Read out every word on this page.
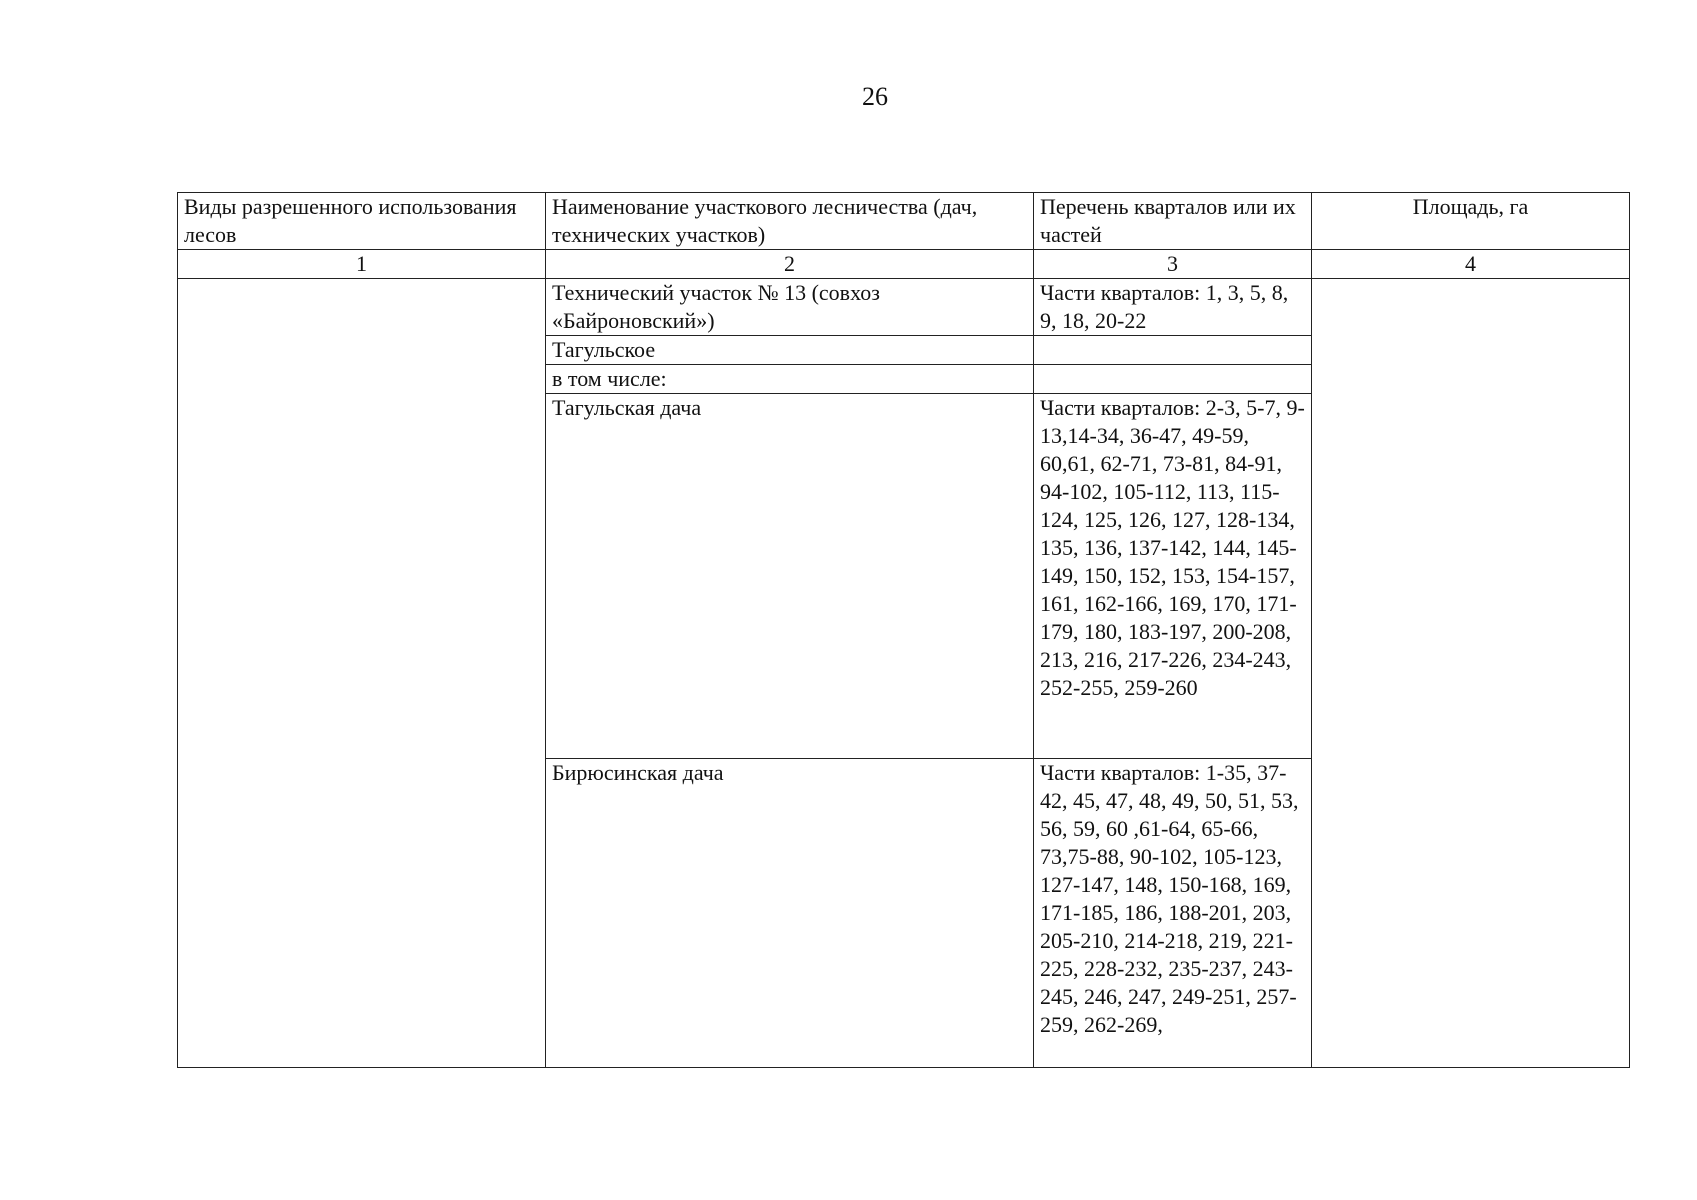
26
Виды разрешенного использования лесов	Наименование участкового лесничества (дач, технических участков)	Перечень кварталов или их частей	Площадь, га
1	2	3	4
	Технический участок № 13 (совхоз «Байроновский»)	Части кварталов: 1, 3, 5, 8, 9, 18, 20-22	
	Тагульское		
	в том числе:		
	Тагульская дача	Части кварталов: 2-3, 5-7, 9-13,14-34, 36-47, 49-59, 60,61, 62-71, 73-81, 84-91, 94-102, 105-112, 113, 115-124, 125, 126, 127, 128-134, 135, 136, 137-142, 144, 145-149, 150, 152, 153, 154-157, 161, 162-166, 169, 170, 171-179, 180, 183-197, 200-208, 213, 216, 217-226, 234-243, 252-255, 259-260	
	Бирюсинская дача	Части кварталов: 1-35, 37-42, 45, 47, 48, 49, 50, 51, 53, 56, 59, 60 ,61-64, 65-66, 73,75-88, 90-102, 105-123, 127-147, 148, 150-168, 169, 171-185, 186, 188-201, 203, 205-210, 214-218, 219, 221-225, 228-232, 235-237, 243-245, 246, 247, 249-251, 257-259, 262-269,	
